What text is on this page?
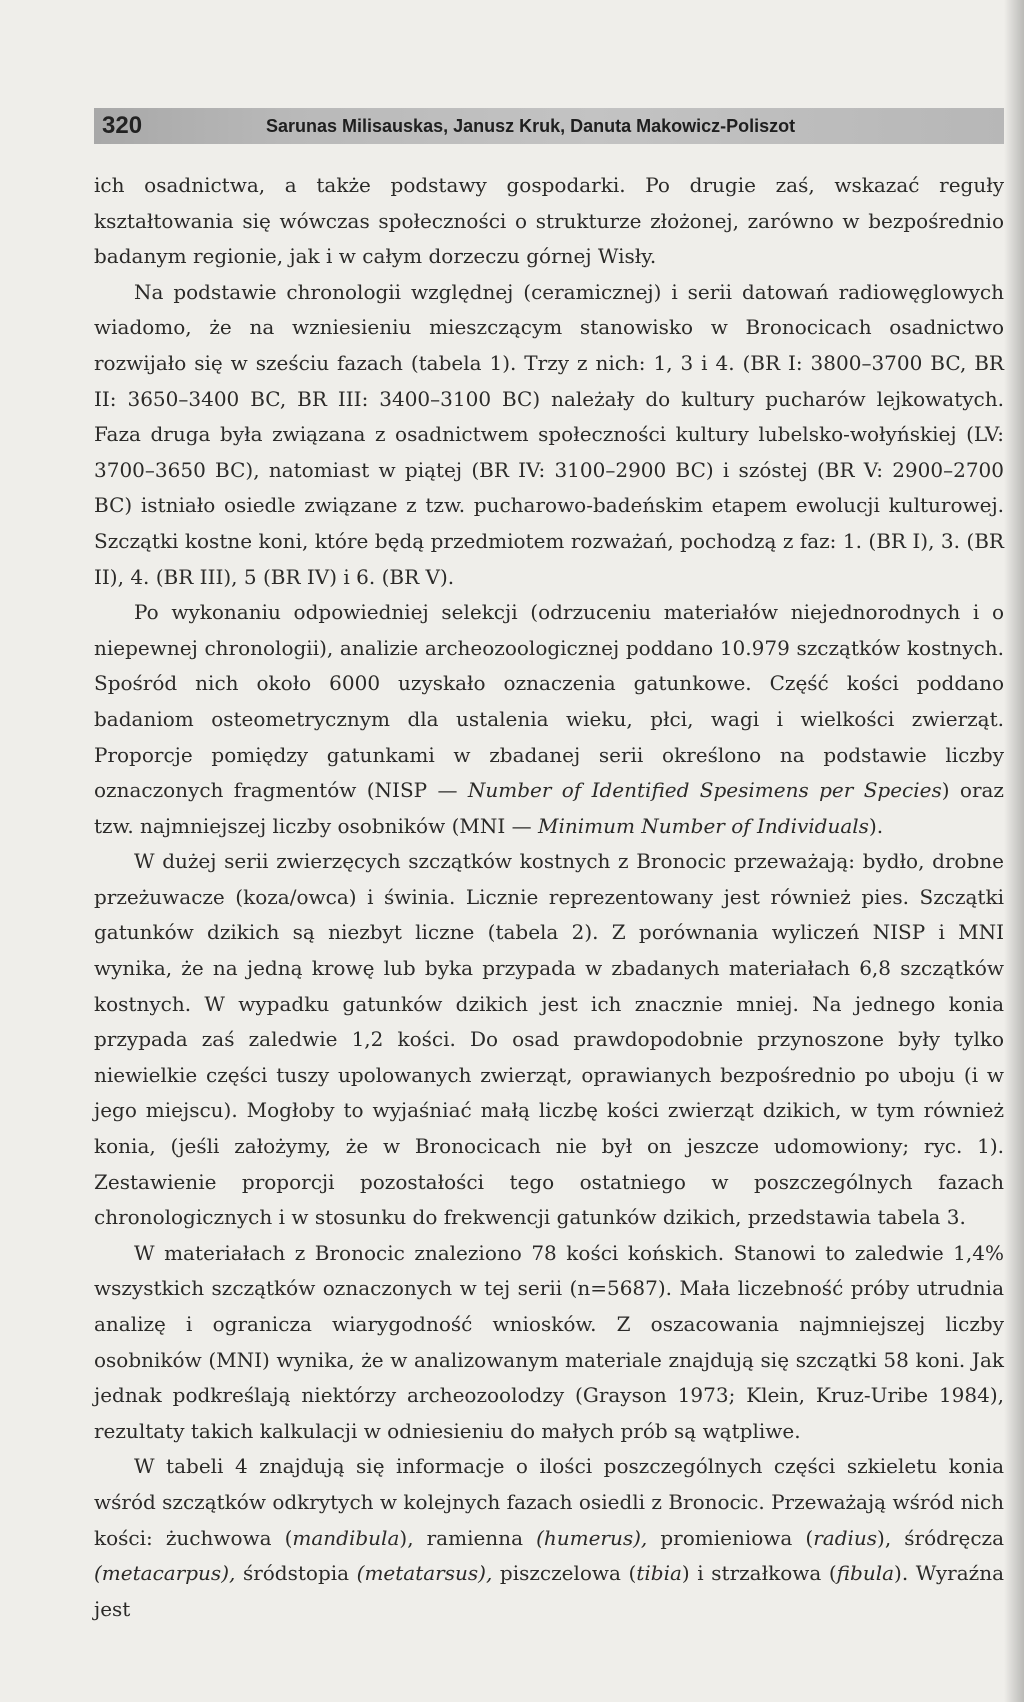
320	Sarunas Milisauskas, Janusz Kruk, Danuta Makowicz-Poliszot

ich osadnictwa, a także podstawy gospodarki. Po drugie zaś, wskazać reguły kształtowania się wówczas społeczności o strukturze złożonej, zarówno w bezpośrednio badanym regionie, jak i w całym dorzeczu górnej Wisły.

Na podstawie chronologii względnej (ceramicznej) i serii datowań radiowęglowych wiadomo, że na wzniesieniu mieszczącym stanowisko w Bronocicach osadnictwo rozwijało się w sześciu fazach (tabela 1). Trzy z nich: 1, 3 i 4. (BR I: 3800–3700 BC, BR II: 3650–3400 BC, BR III: 3400–3100 BC) należały do kultury pucharów lejkowatych. Faza druga była związana z osadnictwem społeczności kultury lubelsko-wołyńskiej (LV: 3700–3650 BC), natomiast w piątej (BR IV: 3100–2900 BC) i szóstej (BR V: 2900–2700 BC) istniało osiedle związane z tzw. pucharowo-badeńskim etapem ewolucji kulturowej. Szczątki kostne koni, które będą przedmiotem rozważań, pochodzą z faz: 1. (BR I), 3. (BR II), 4. (BR III), 5 (BR IV) i 6. (BR V).

Po wykonaniu odpowiedniej selekcji (odrzuceniu materiałów niejednorodnych i o niepewnej chronologii), analizie archeozoologicznej poddano 10.979 szczątków kostnych. Spośród nich około 6000 uzyskało oznaczenia gatunkowe. Część kości poddano badaniom osteometrycznym dla ustalenia wieku, płci, wagi i wielkości zwierząt. Proporcje pomiędzy gatunkami w zbadanej serii określono na podstawie liczby oznaczonych fragmentów (NISP — Number of Identified Spesimens per Species) oraz tzw. najmniejszej liczby osobników (MNI — Minimum Number of Individuals).

W dużej serii zwierzęcych szczątków kostnych z Bronocic przeważają: bydło, drobne przeżuwacze (koza/owca) i świnia. Licznie reprezentowany jest również pies. Szczątki gatunków dzikich są niezbyt liczne (tabela 2). Z porównania wyliczeń NISP i MNI wynika, że na jedną krowę lub byka przypada w zbadanych materiałach 6,8 szczątków kostnych. W wypadku gatunków dzikich jest ich znacznie mniej. Na jednego konia przypada zaś zaledwie 1,2 kości. Do osad prawdopodobnie przynoszone były tylko niewielkie części tuszy upolowanych zwierząt, oprawianych bezpośrednio po uboju (i w jego miejscu). Mogłoby to wyjaśniać małą liczbę kości zwierząt dzikich, w tym również konia, (jeśli założymy, że w Bronocicach nie był on jeszcze udomowiony; ryc. 1). Zestawienie proporcji pozostałości tego ostatniego w poszczególnych fazach chronologicznych i w stosunku do frekwencji gatunków dzikich, przedstawia tabela 3.

W materiałach z Bronocic znaleziono 78 kości końskich. Stanowi to zaledwie 1,4% wszystkich szczątków oznaczonych w tej serii (n=5687). Mała liczebność próby utrudnia analizę i ogranicza wiarygodność wniosków. Z oszacowania najmniejszej liczby osobników (MNI) wynika, że w analizowanym materiale znajdują się szczątki 58 koni. Jak jednak podkreślają niektórzy archeozoolodzy (Grayson 1973; Klein, Kruz-Uribe 1984), rezultaty takich kalkulacji w odniesieniu do małych prób są wątpliwe.

W tabeli 4 znajdują się informacje o ilości poszczególnych części szkieletu konia wśród szczątków odkrytych w kolejnych fazach osiedli z Bronocic. Przeważają wśród nich kości: żuchwowa (mandibula), ramienna (humerus), promieniowa (radius), śródręcza (metacarpus), śródstopia (metatarsus), piszczelowa (tibia) i strzałkowa (fibula). Wyraźna jest
